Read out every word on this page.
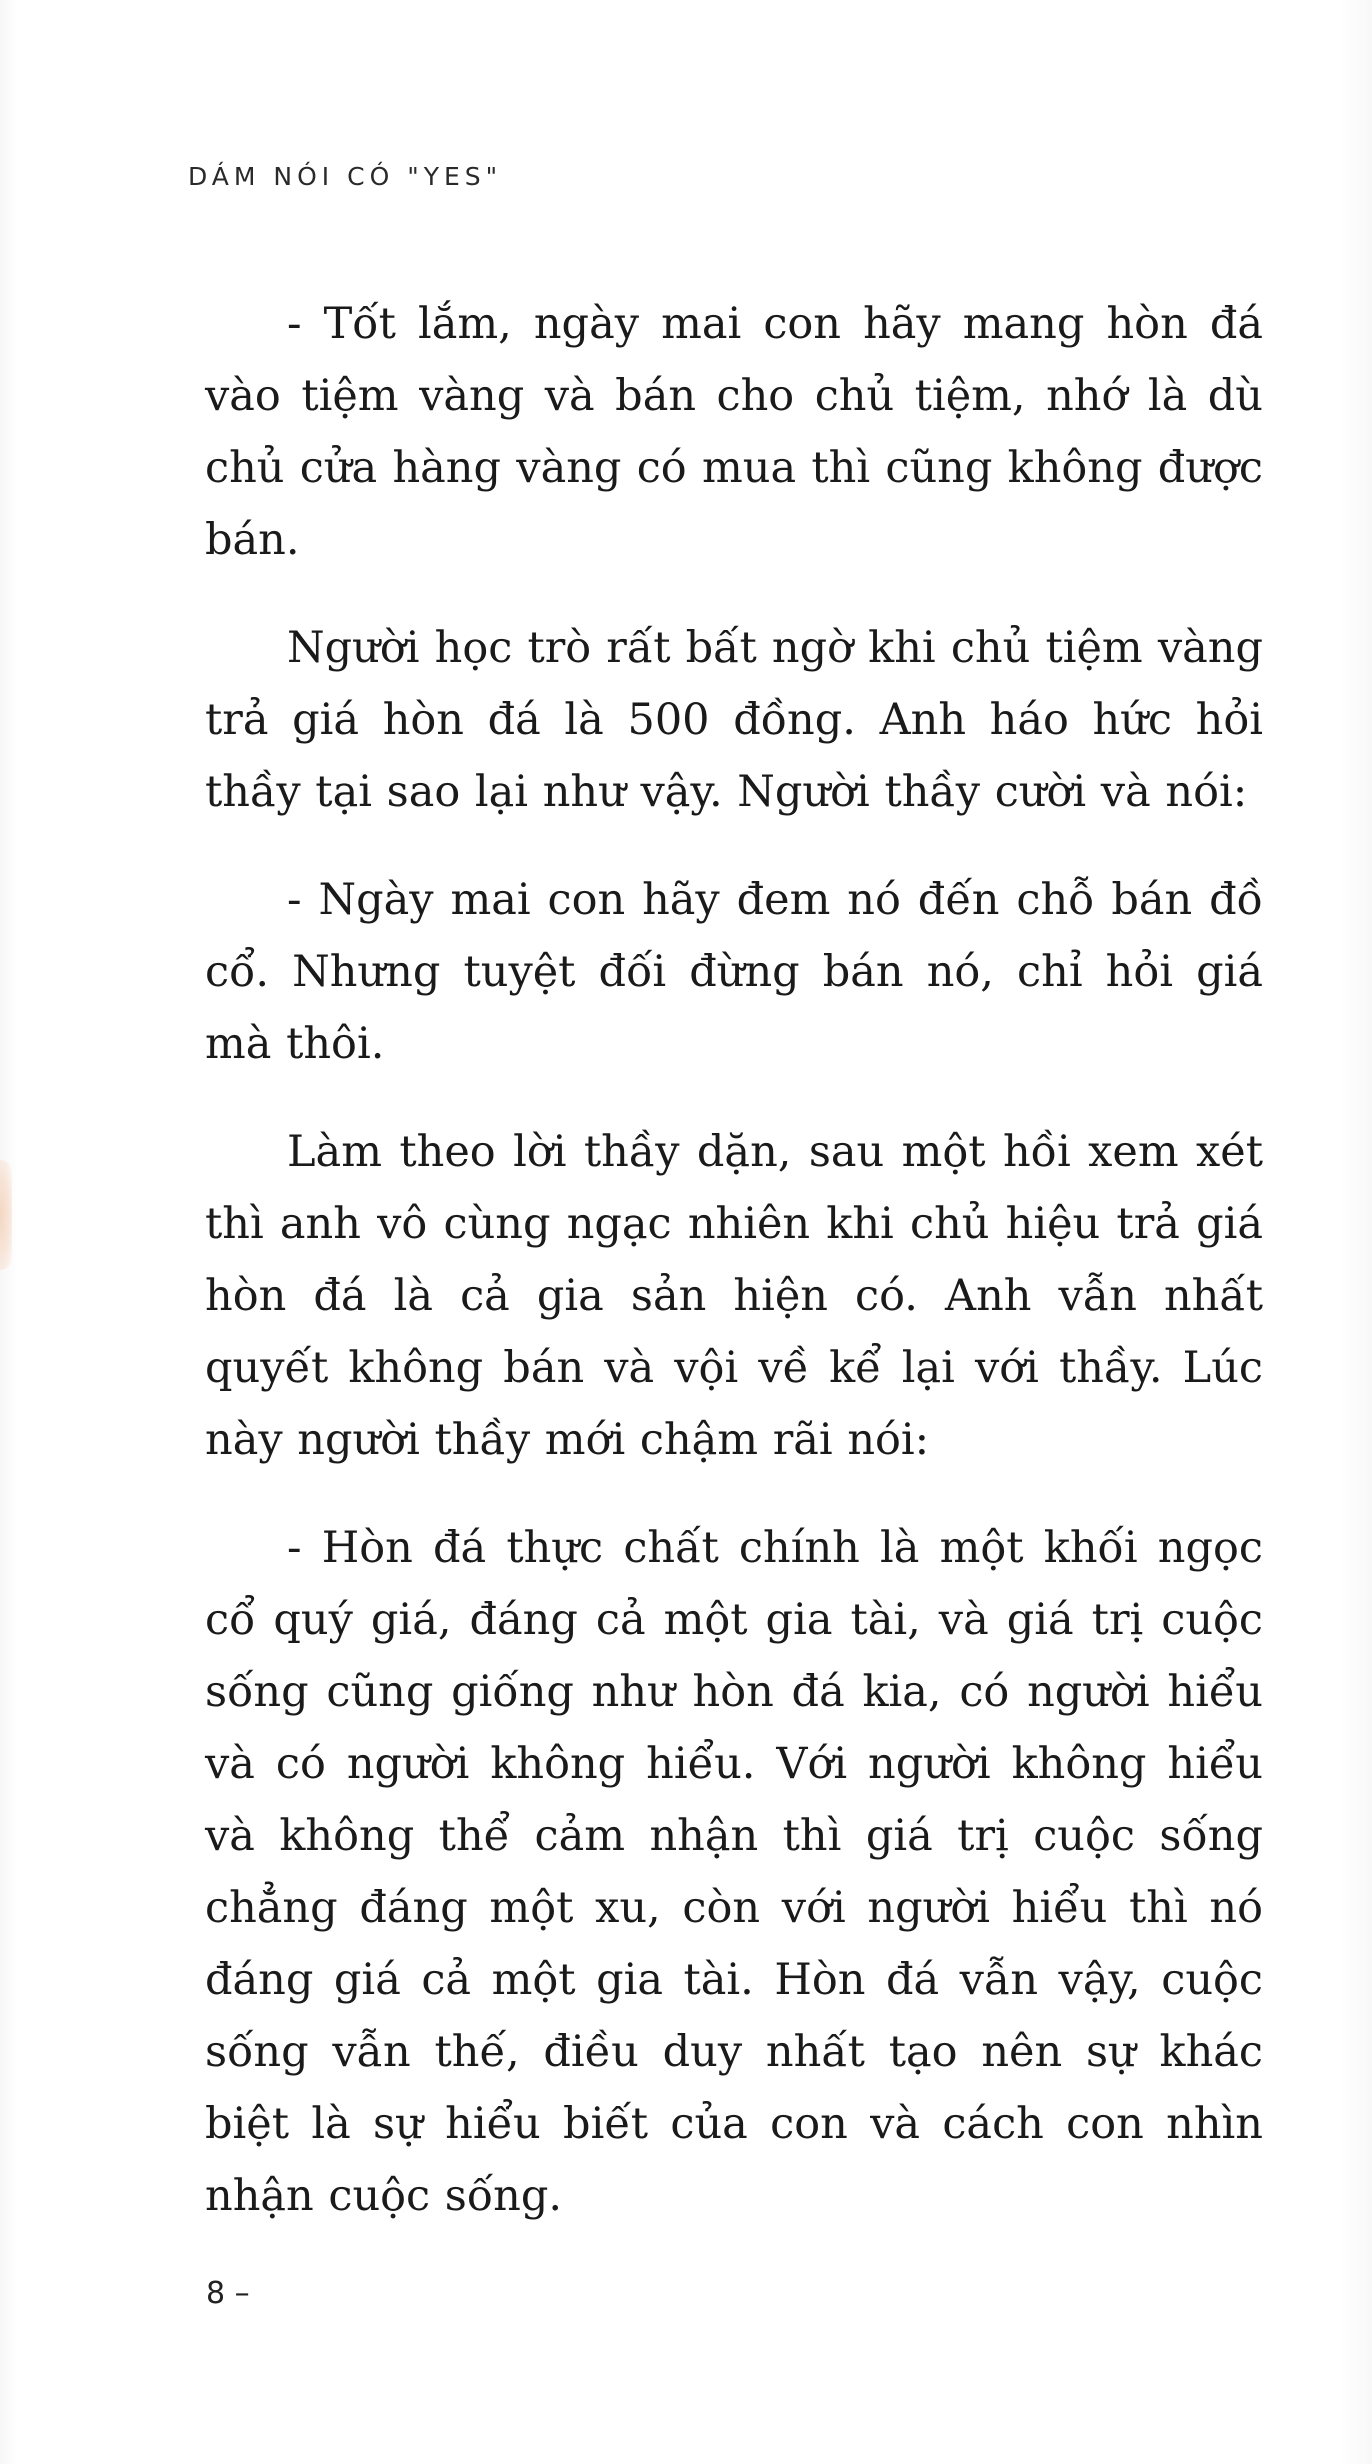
DÁM NÓI CÓ "YES"

- Tốt lắm, ngày mai con hãy mang hòn đá vào tiệm vàng và bán cho chủ tiệm, nhớ là dù chủ cửa hàng vàng có mua thì cũng không được bán.

Người học trò rất bất ngờ khi chủ tiệm vàng trả giá hòn đá là 500 đồng. Anh háo hức hỏi thầy tại sao lại như vậy. Người thầy cười và nói:

- Ngày mai con hãy đem nó đến chỗ bán đồ cổ. Nhưng tuyệt đối đừng bán nó, chỉ hỏi giá mà thôi.

Làm theo lời thầy dặn, sau một hồi xem xét thì anh vô cùng ngạc nhiên khi chủ hiệu trả giá hòn đá là cả gia sản hiện có. Anh vẫn nhất quyết không bán và vội về kể lại với thầy. Lúc này người thầy mới chậm rãi nói:

- Hòn đá thực chất chính là một khối ngọc cổ quý giá, đáng cả một gia tài, và giá trị cuộc sống cũng giống như hòn đá kia, có người hiểu và có người không hiểu. Với người không hiểu và không thể cảm nhận thì giá trị cuộc sống chẳng đáng một xu, còn với người hiểu thì nó đáng giá cả một gia tài. Hòn đá vẫn vậy, cuộc sống vẫn thế, điều duy nhất tạo nên sự khác biệt là sự hiểu biết của con và cách con nhìn nhận cuộc sống.

8 –
